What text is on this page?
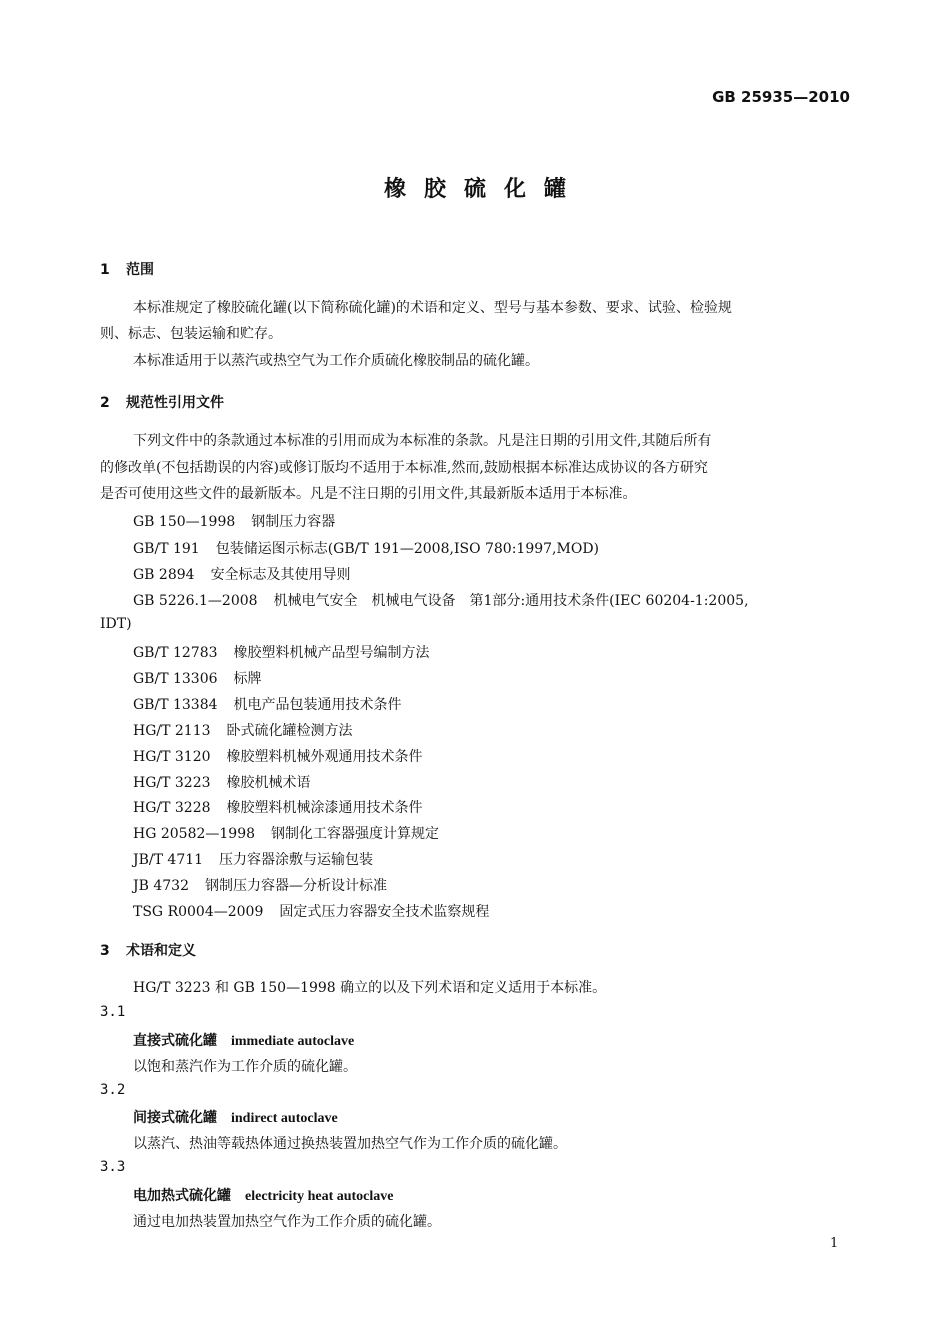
GB 25935—2010
橡胶硫化罐
1 范围
本标准规定了橡胶硫化罐(以下简称硫化罐)的术语和定义、型号与基本参数、要求、试验、检验规
则、标志、包装运输和贮存。
本标准适用于以蒸汽或热空气为工作介质硫化橡胶制品的硫化罐。
2 规范性引用文件
下列文件中的条款通过本标准的引用而成为本标准的条款。凡是注日期的引用文件,其随后所有
的修改单(不包括勘误的内容)或修订版均不适用于本标准,然而,鼓励根据本标准达成协议的各方研究
是否可使用这些文件的最新版本。凡是不注日期的引用文件,其最新版本适用于本标准。
GB 150—1998 钢制压力容器
GB/T 191 包装储运图示标志(GB/T 191—2008,ISO 780:1997,MOD)
GB 2894 安全标志及其使用导则
GB 5226.1—2008 机械电气安全　机械电气设备　第1部分:通用技术条件(IEC 60204-1:2005,
IDT)
GB/T 12783 橡胶塑料机械产品型号编制方法
GB/T 13306 标牌
GB/T 13384 机电产品包装通用技术条件
HG/T 2113 卧式硫化罐检测方法
HG/T 3120 橡胶塑料机械外观通用技术条件
HG/T 3223 橡胶机械术语
HG/T 3228 橡胶塑料机械涂漆通用技术条件
HG 20582—1998 钢制化工容器强度计算规定
JB/T 4711 压力容器涂敷与运输包装
JB 4732 钢制压力容器—分析设计标准
TSG R0004—2009 固定式压力容器安全技术监察规程
3 术语和定义
HG/T 3223 和 GB 150—1998 确立的以及下列术语和定义适用于本标准。
3.1
直接式硫化罐 immediate autoclave
以饱和蒸汽作为工作介质的硫化罐。
3.2
间接式硫化罐 indirect autoclave
以蒸汽、热油等载热体通过换热装置加热空气作为工作介质的硫化罐。
3.3
电加热式硫化罐 electricity heat autoclave
通过电加热装置加热空气作为工作介质的硫化罐。
1
